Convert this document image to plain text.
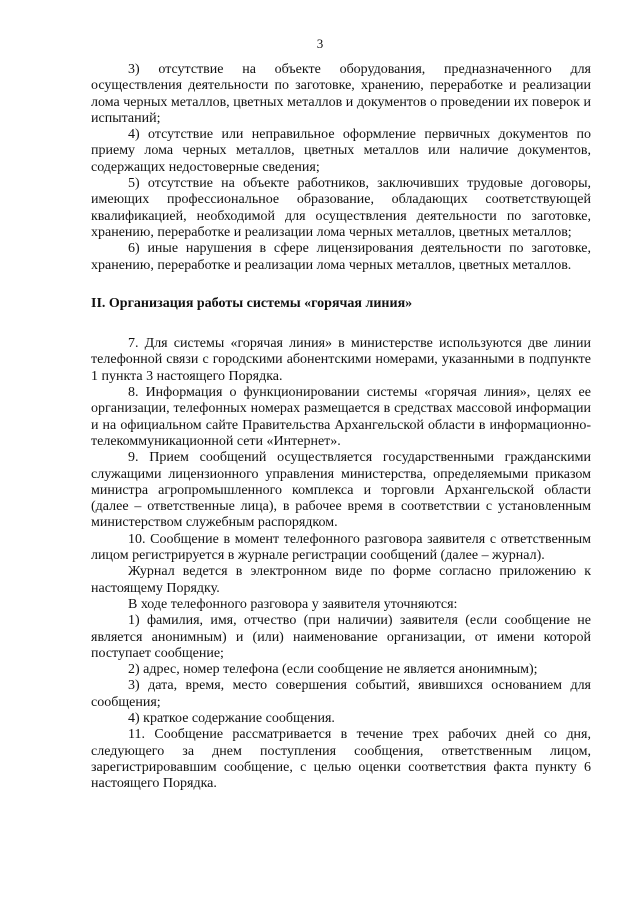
3

3) отсутствие на объекте оборудования, предназначенного для осуществления деятельности по заготовке, хранению, переработке и реализации лома черных металлов, цветных металлов и документов о проведении их поверок и испытаний;

4) отсутствие или неправильное оформление первичных документов по приему лома черных металлов, цветных металлов или наличие документов, содержащих недостоверные сведения;

5) отсутствие на объекте работников, заключивших трудовые договоры, имеющих профессиональное образование, обладающих соответствующей квалификацией, необходимой для осуществления деятельности по заготовке, хранению, переработке и реализации лома черных металлов, цветных металлов;

6) иные нарушения в сфере лицензирования деятельности по заготовке, хранению, переработке и реализации лома черных металлов, цветных металлов.

II. Организация работы системы «горячая линия»

7. Для системы «горячая линия» в министерстве используются две линии телефонной связи с городскими абонентскими номерами, указанными в подпункте 1 пункта 3 настоящего Порядка.

8. Информация о функционировании системы «горячая линия», целях ее организации, телефонных номерах размещается в средствах массовой информации и на официальном сайте Правительства Архангельской области в информационно-телекоммуникационной сети «Интернет».

9. Прием сообщений осуществляется государственными гражданскими служащими лицензионного управления министерства, определяемыми приказом министра агропромышленного комплекса и торговли Архангельской области (далее – ответственные лица), в рабочее время в соответствии с установленным министерством служебным распорядком.

10. Сообщение в момент телефонного разговора заявителя с ответственным лицом регистрируется в журнале регистрации сообщений (далее – журнал).

Журнал ведется в электронном виде по форме согласно приложению к настоящему Порядку.

В ходе телефонного разговора у заявителя уточняются:

1) фамилия, имя, отчество (при наличии) заявителя (если сообщение не является анонимным) и (или) наименование организации, от имени которой поступает сообщение;

2) адрес, номер телефона (если сообщение не является анонимным);

3) дата, время, место совершения событий, явившихся основанием для сообщения;

4) краткое содержание сообщения.

11. Сообщение рассматривается в течение трех рабочих дней со дня, следующего за днем поступления сообщения, ответственным лицом, зарегистрировавшим сообщение, с целью оценки соответствия факта пункту 6 настоящего Порядка.
